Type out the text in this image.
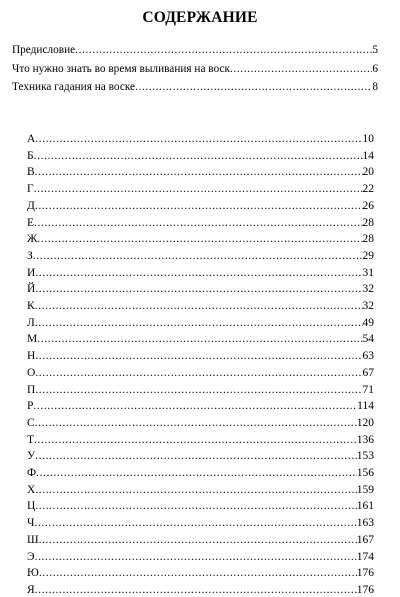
СОДЕРЖАНИЕ
Предисловие .....	5
Что нужно знать во время выливания на воск .....	6
Техника гадания на воске .....	8
А .....	10
Б .....	14
В .....	20
Г .....	22
Д .....	26
Е .....	28
Ж .....	28
З .....	29
И .....	31
Й .....	32
К .....	32
Л .....	49
М .....	54
Н .....	63
О .....	67
П .....	71
Р .....	114
С .....	120
Т .....	136
У .....	153
Ф .....	156
Х .....	159
Ц .....	161
Ч .....	163
Ш .....	167
Э .....	174
Ю .....	176
Я .....	176
